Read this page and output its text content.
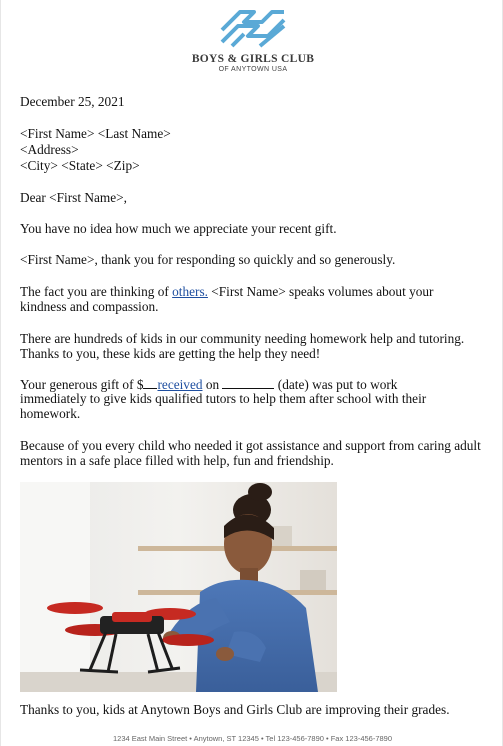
BOYS & GIRLS CLUB
OF ANYTOWN USA

December 25, 2021

<First Name> <Last Name>

<Address>

<City> <State> <Zip>

Dear <First Name>,

You have no idea how much we appreciate your recent gift.

<First Name>, thank you for responding so quickly and so generously.

The fact you are thinking of others. <First Name> speaks volumes about your

kindness and compassion.

There are hundreds of kids in our community needing homework help and tutoring.

Thanks to you, these kids are getting the help they need!

Your generous gift of $ received on	(date) was put to work

immediately to give kids qualified tutors to help them after school with their

homework.

Because of you every child who needed it got assistance and support from caring adult

mentors in a safe place filled with help, fun and friendship.

Thanks to you, kids at Anytown Boys and Girls Club are improving their grades.

1234 East Main Street • Anytown, ST 12345 • Tel 123-456-7890 • Fax 123-456-7890
